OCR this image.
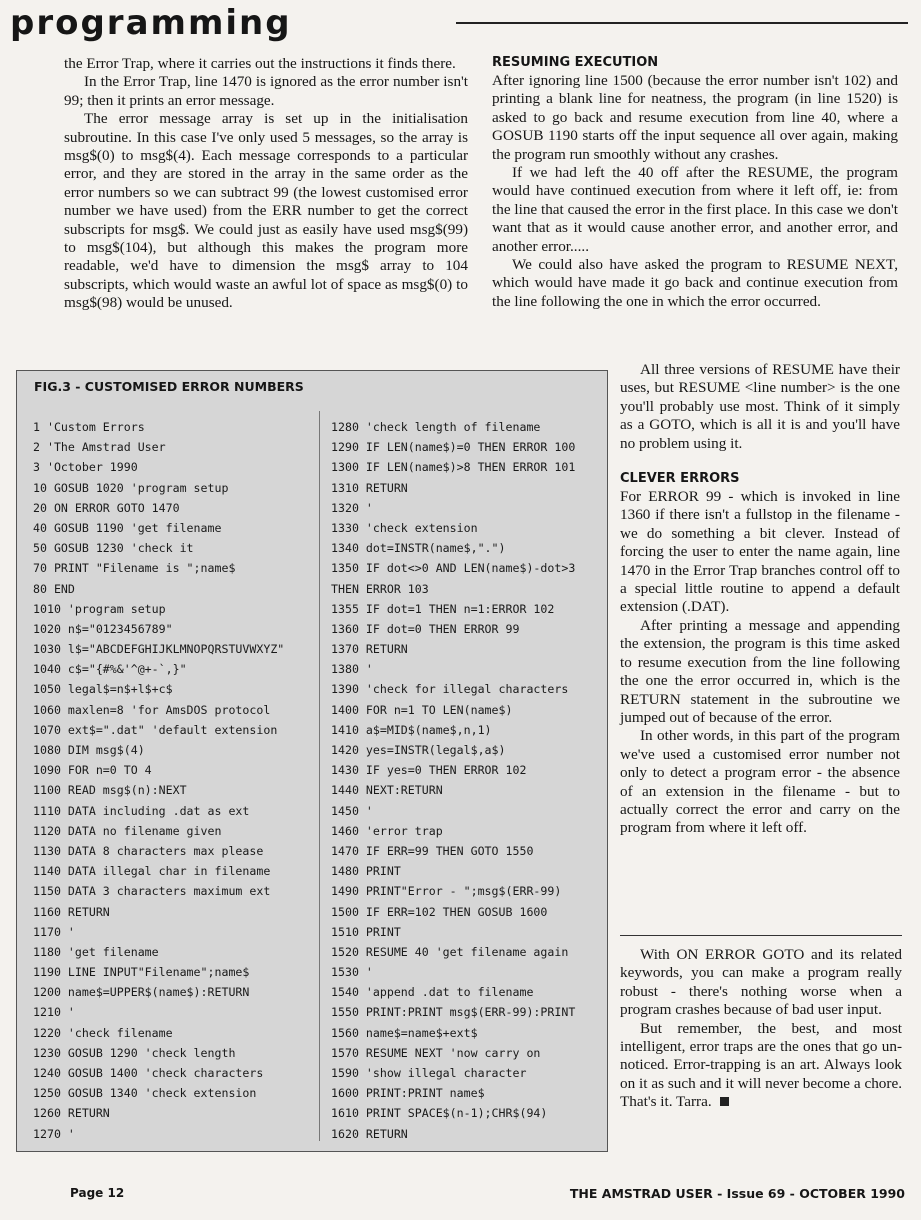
programming

the Error Trap, where it carries out the instructions it finds there.

In the Error Trap, line 1470 is ignored as the error number isn't 99; then it prints an error message.

The error message array is set up in the initialisation subroutine. In this case I've only used 5 messages, so the array is msg$(0) to msg$(4). Each message corresponds to a particular error, and they are stored in the array in the same order as the error numbers so we can subtract 99 (the lowest customised error number we have used) from the ERR number to get the correct subscripts for msg$. We could just as easily have used msg$(99) to msg$(104), but although this makes the program more readable, we'd have to dimension the msg$ array to 104 subscripts, which would waste an awful lot of space as msg$(0) to msg$(98) would be unused.

RESUMING EXECUTION

After ignoring line 1500 (because the error number isn't 102) and printing a blank line for neatness, the program (in line 1520) is asked to go back and resume execution from line 40, where a GOSUB 1190 starts off the input sequence all over again, making the program run smoothly without any crashes.

If we had left the 40 off after the RESUME, the program would have continued execution from where it left off, ie: from the line that caused the error in the first place. In this case we don't want that as it would cause another error, and another error, and another error.....

We could also have asked the program to RESUME NEXT, which would have made it go back and continue execution from the line following the one in which the error occurred.

All three versions of RESUME have their uses, but RESUME <line number> is the one you'll probably use most. Think of it simply as a GOTO, which is all it is and you'll have no problem using it.

CLEVER ERRORS

For ERROR 99 - which is invoked in line 1360 if there isn't a fullstop in the filename - we do something a bit clever. Instead of forcing the user to enter the name again, line 1470 in the Error Trap branches control off to a special little routine to append a default extension (.DAT).

After printing a message and appending the extension, the program is this time asked to resume execution from the line following the one the error occurred in, which is the RETURN statement in the subroutine we jumped out of because of the error.

In other words, in this part of the program we've used a customised error number not only to detect a program error - the absence of an extension in the filename - but to actually correct the error and carry on the program from where it left off.

With ON ERROR GOTO and its related keywords, you can make a program really robust - there's nothing worse when a program crashes because of bad user input.

But remember, the best, and most intelligent, error traps are the ones that go un-noticed. Error-trapping is an art. Always look on it as such and it will never become a chore. That's it. Tarra.

FIG.3 - CUSTOMISED ERROR NUMBERS
1 'Custom Errors
2 'The Amstrad User
3 'October 1990
10 GOSUB 1020 'program setup
20 ON ERROR GOTO 1470
40 GOSUB 1190 'get filename
50 GOSUB 1230 'check it
70 PRINT "Filename is ";name$
80 END
1010 'program setup
1020 n$="0123456789"
1030 l$="ABCDEFGHIJKLMNOPQRSTUVWXYZ"
1040 c$="{#%&'^@+-`,}"
1050 legal$=n$+l$+c$
1060 maxlen=8 'for AmsDOS protocol
1070 ext$=".dat" 'default extension
1080 DIM msg$(4)
1090 FOR n=0 TO 4
1100 READ msg$(n):NEXT
1110 DATA including .dat as ext
1120 DATA no filename given
1130 DATA 8 characters max please
1140 DATA illegal char in filename
1150 DATA 3 characters maximum ext
1160 RETURN
1170 '
1180 'get filename
1190 LINE INPUT"Filename";name$
1200 name$=UPPER$(name$):RETURN
1210 '
1220 'check filename
1230 GOSUB 1290 'check length
1240 GOSUB 1400 'check characters
1250 GOSUB 1340 'check extension
1260 RETURN
1270 '
1280 'check length of filename
1290 IF LEN(name$)=0 THEN ERROR 100
1300 IF LEN(name$)>8 THEN ERROR 101
1310 RETURN
1320 '
1330 'check extension
1340 dot=INSTR(name$,".")
1350 IF dot<>0 AND LEN(name$)-dot>3
THEN ERROR 103
1355 IF dot=1 THEN n=1:ERROR 102
1360 IF dot=0 THEN ERROR 99
1370 RETURN
1380 '
1390 'check for illegal characters
1400 FOR n=1 TO LEN(name$)
1410 a$=MID$(name$,n,1)
1420 yes=INSTR(legal$,a$)
1430 IF yes=0 THEN ERROR 102
1440 NEXT:RETURN
1450 '
1460 'error trap
1470 IF ERR=99 THEN GOTO 1550
1480 PRINT
1490 PRINT"Error - ";msg$(ERR-99)
1500 IF ERR=102 THEN GOSUB 1600
1510 PRINT
1520 RESUME 40 'get filename again
1530 '
1540 'append .dat to filename
1550 PRINT:PRINT msg$(ERR-99):PRINT
1560 name$=name$+ext$
1570 RESUME NEXT 'now carry on
1590 'show illegal character
1600 PRINT:PRINT name$
1610 PRINT SPACE$(n-1);CHR$(94)
1620 RETURN
Page 12	THE AMSTRAD USER - Issue 69 - OCTOBER 1990
